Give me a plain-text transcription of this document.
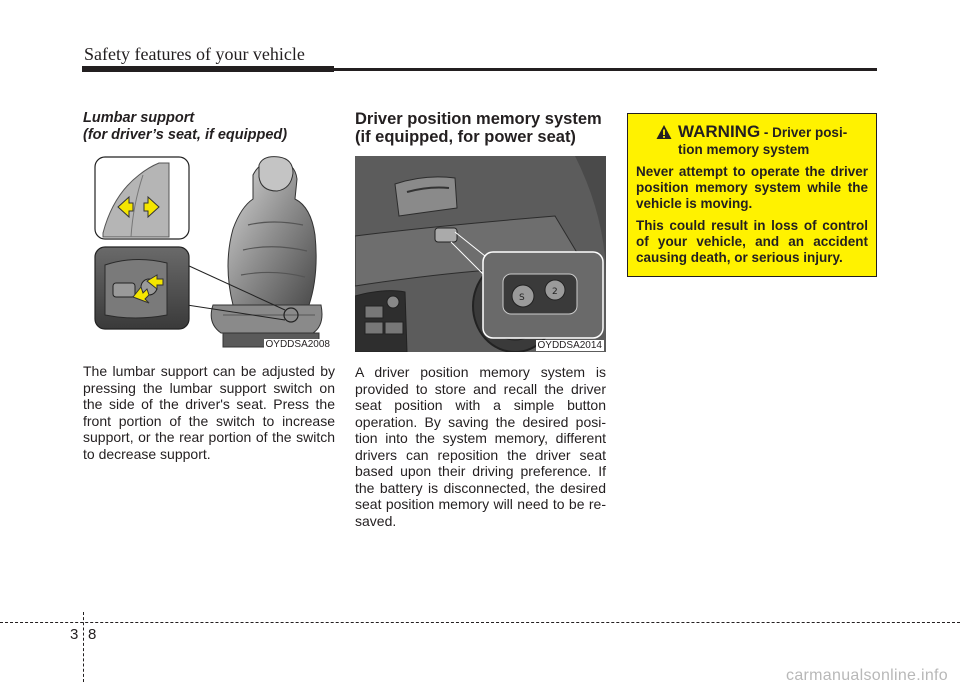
Safety features of your vehicle
Lumbar support
(for driver’s seat, if equipped)
OYDDSA2008
The lumbar support can be adjusted by pressing the lumbar support switch on the side of the driver's seat. Press the front portion of the switch to increase support, or the rear portion of the switch to decrease support.
Driver position memory system
(if equipped, for power seat)
S
2
OYDDSA2014
A driver position memory system is provided to store and recall the driver seat position with a simple button operation. By saving the desired posi-tion into the system memory, different drivers can reposition the driver seat based upon their driving preference. If the battery is disconnected, the desired seat position memory will need to be re-saved.
WARNING - Driver posi-
tion memory system
Never attempt to operate the driver position memory system while the vehicle is moving.
This could result in loss of control of your vehicle, and an accident causing death, or serious injury.
3 8
carmanualsonline.info
